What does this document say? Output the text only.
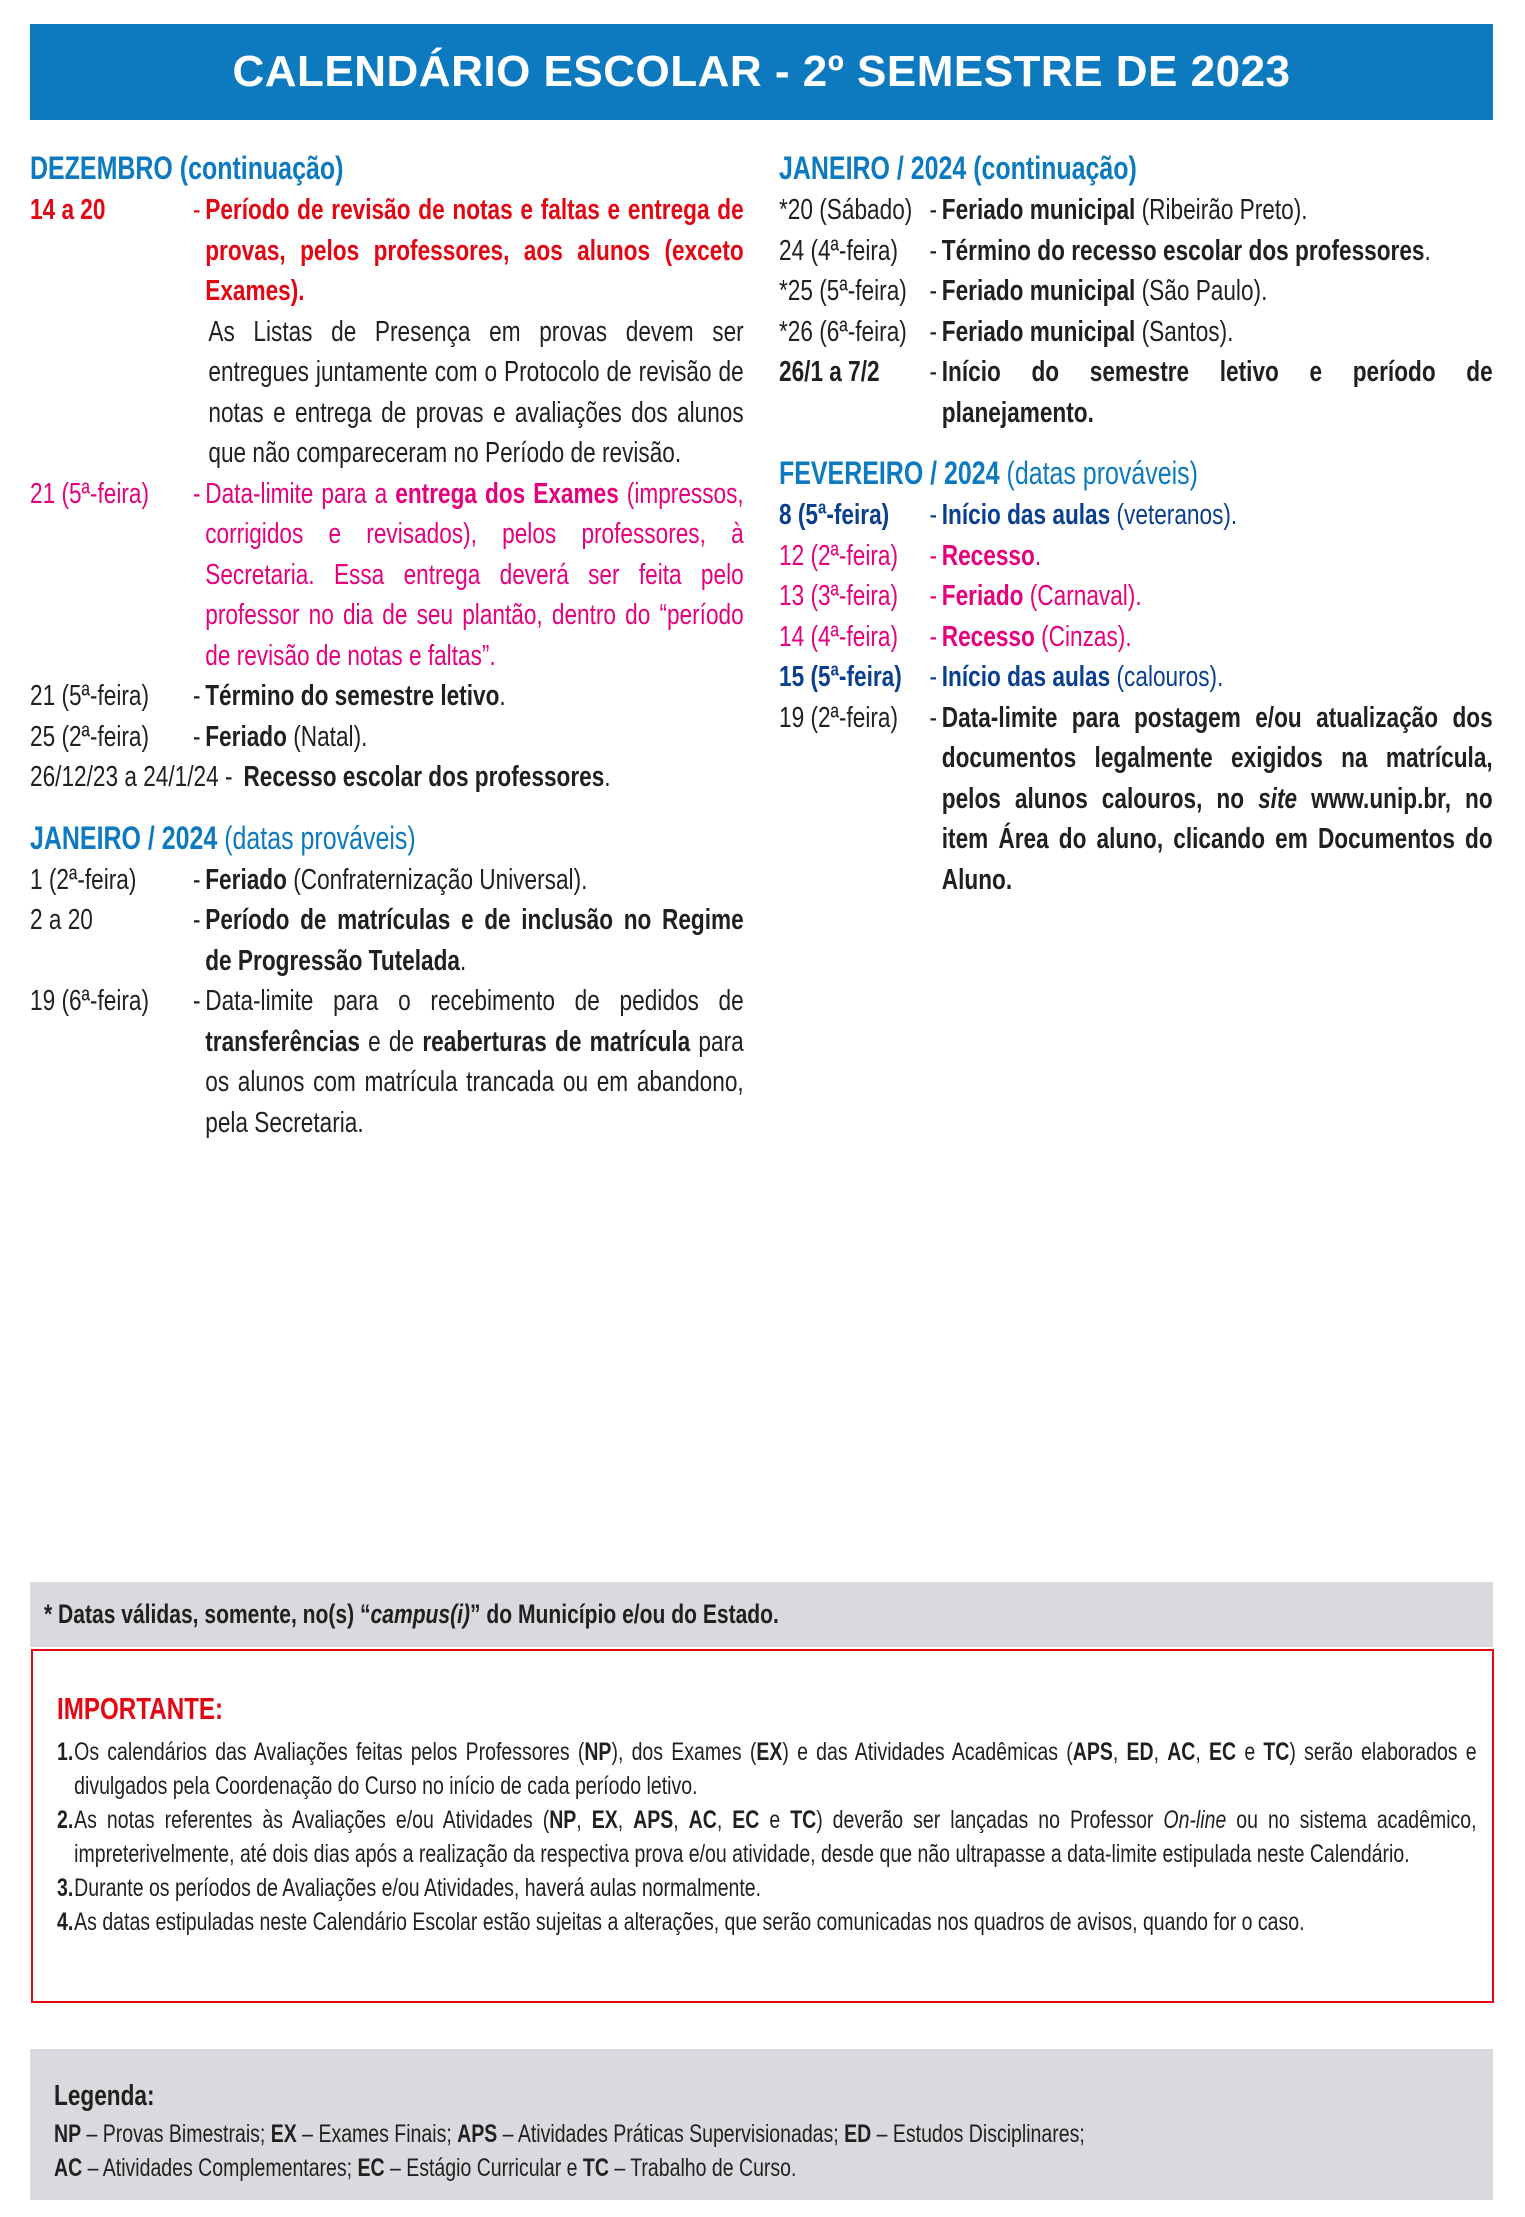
CALENDÁRIO ESCOLAR - 2º SEMESTRE DE 2023
DEZEMBRO (continuação)
14 a 20	- Período de revisão de notas e faltas e entrega de provas, pelos professores, aos alunos (exceto Exames).
As Listas de Presença em provas devem ser entregues juntamente com o Protocolo de revisão de notas e entrega de provas e avaliações dos alunos que não compareceram no Período de revisão.
21 (5ª-feira)	- Data-limite para a entrega dos Exames (impressos, corrigidos e revisados), pelos professores, à Secretaria. Essa entrega deverá ser feita pelo professor no dia de seu plantão, dentro do “período de revisão de notas e faltas”.
21 (5ª-feira)	- Término do semestre letivo.
25 (2ª-feira)	- Feriado (Natal).
26/12/23 a 24/1/24 - Recesso escolar dos professores.
JANEIRO / 2024 (datas prováveis)
1 (2ª-feira)	- Feriado (Confraternização Universal).
2 a 20	- Período de matrículas e de inclusão no Regime de Progressão Tutelada.
19 (6ª-feira)	- Data-limite para o recebimento de pedidos de transferências e de reaberturas de matrícula para os alunos com matrícula trancada ou em abandono, pela Secretaria.
JANEIRO / 2024 (continuação)
*20 (Sábado) - Feriado municipal (Ribeirão Preto).
24 (4ª-feira)	- Término do recesso escolar dos professores.
*25 (5ª-feira) - Feriado municipal (São Paulo).
*26 (6ª-feira) - Feriado municipal (Santos).
26/1 a 7/2	- Início do semestre letivo e período de planejamento.
FEVEREIRO / 2024 (datas prováveis)
8 (5ª-feira)	- Início das aulas (veteranos).
12 (2ª-feira)	- Recesso.
13 (3ª-feira)	- Feriado (Carnaval).
14 (4ª-feira)	- Recesso (Cinzas).
15 (5ª-feira) - Início das aulas (calouros).
19 (2ª-feira)	- Data-limite para postagem e/ou atualização dos documentos legalmente exigidos na matrícula, pelos alunos calouros, no site www.unip.br, no item Área do aluno, clicando em Documentos do Aluno.
* Datas válidas, somente, no(s) “campus(i)” do Município e/ou do Estado.
IMPORTANTE:
1. Os calendários das Avaliações feitas pelos Professores (NP), dos Exames (EX) e das Atividades Acadêmicas (APS, ED, AC, EC e TC) serão elaborados e divulgados pela Coordenação do Curso no início de cada período letivo.
2. As notas referentes às Avaliações e/ou Atividades (NP, EX, APS, AC, EC e TC) deverão ser lançadas no Professor On-line ou no sistema acadêmico, impreterivelmente, até dois dias após a realização da respectiva prova e/ou atividade, desde que não ultrapasse a data-limite estipulada neste Calendário.
3. Durante os períodos de Avaliações e/ou Atividades, haverá aulas normalmente.
4. As datas estipuladas neste Calendário Escolar estão sujeitas a alterações, que serão comunicadas nos quadros de avisos, quando for o caso.
Legenda:
NP – Provas Bimestrais; EX – Exames Finais; APS – Atividades Práticas Supervisionadas; ED – Estudos Disciplinares;
AC – Atividades Complementares; EC – Estágio Curricular e TC – Trabalho de Curso.
